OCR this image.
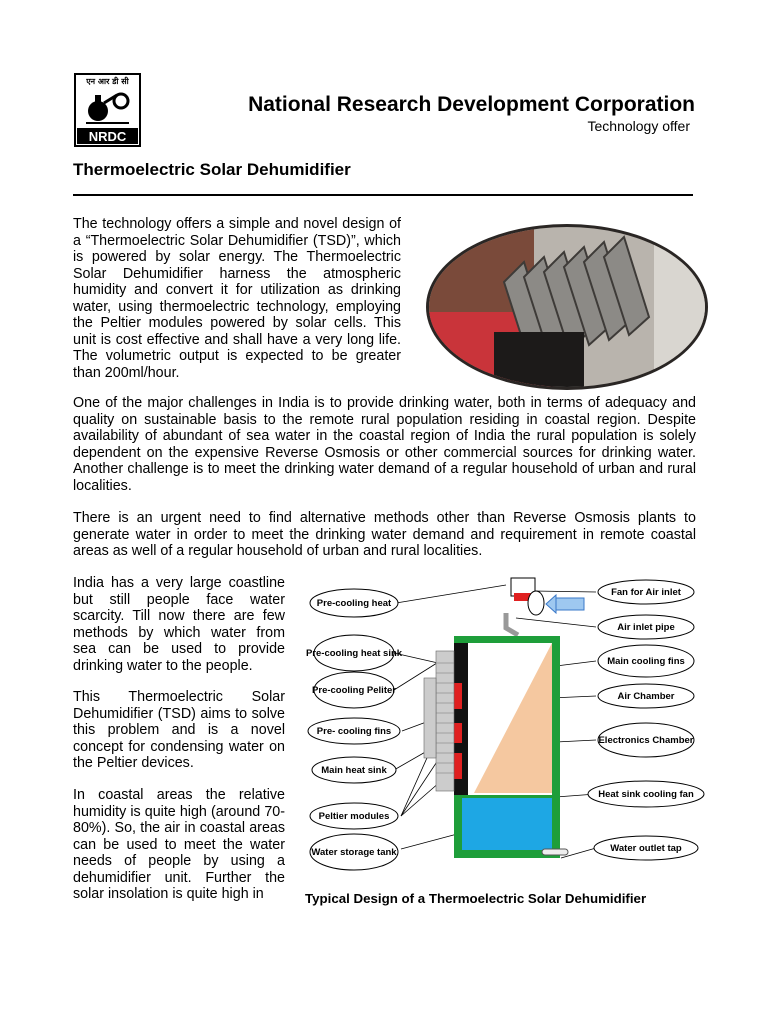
एन आर डी सी
NRDC
National Research Development Corporation
Technology offer
Thermoelectric Solar Dehumidifier

The technology offers a simple and novel design of a “Thermoelectric Solar Dehumidifier (TSD)”, which is powered by solar energy. The Thermoelectric Solar Dehumidifier harness the atmospheric humidity and convert it for utilization as drinking water, using thermoelectric technology, employing the Peltier modules powered by solar cells. This unit is cost effective and shall have a very long life. The volumetric output is expected to be greater than 200ml/hour.

One of the major challenges in India is to provide drinking water, both in terms of adequacy and quality on sustainable basis to the remote rural population residing in coastal region. Despite availability of abundant of sea water in the coastal region of India the rural population is solely dependent on the expensive Reverse Osmosis or other commercial sources for drinking water. Another challenge is to meet the drinking water demand of a regular household of urban and rural localities.

There is an urgent need to find alternative methods other than Reverse Osmosis plants to generate water in order to meet the drinking water demand and requirement in remote coastal areas as well of a regular household of urban and rural localities.

India has a very large coastline but still people face water scarcity. Till now there are few methods by which water from sea can be used to provide drinking water to the people.

This Thermoelectric Solar Dehumidifier (TSD) aims to solve this problem and is a novel concept for condensing water on the Peltier devices.

In coastal areas the relative humidity is quite high (around 70-80%). So, the air in coastal areas can be used to meet the water needs of people by using a dehumidifier unit. Further the solar insolation is quite high in

Pre-cooling heat
Pre-cooling heat sink
Pre-cooling Peliter
Pre- cooling fins
Main heat sink
Peltier modules
Water storage tank
Fan for Air inlet
Air inlet pipe
Main cooling fins
Air Chamber
Electronics Chamber
Heat sink cooling fan
Water outlet tap
Typical Design of a Thermoelectric Solar Dehumidifier
